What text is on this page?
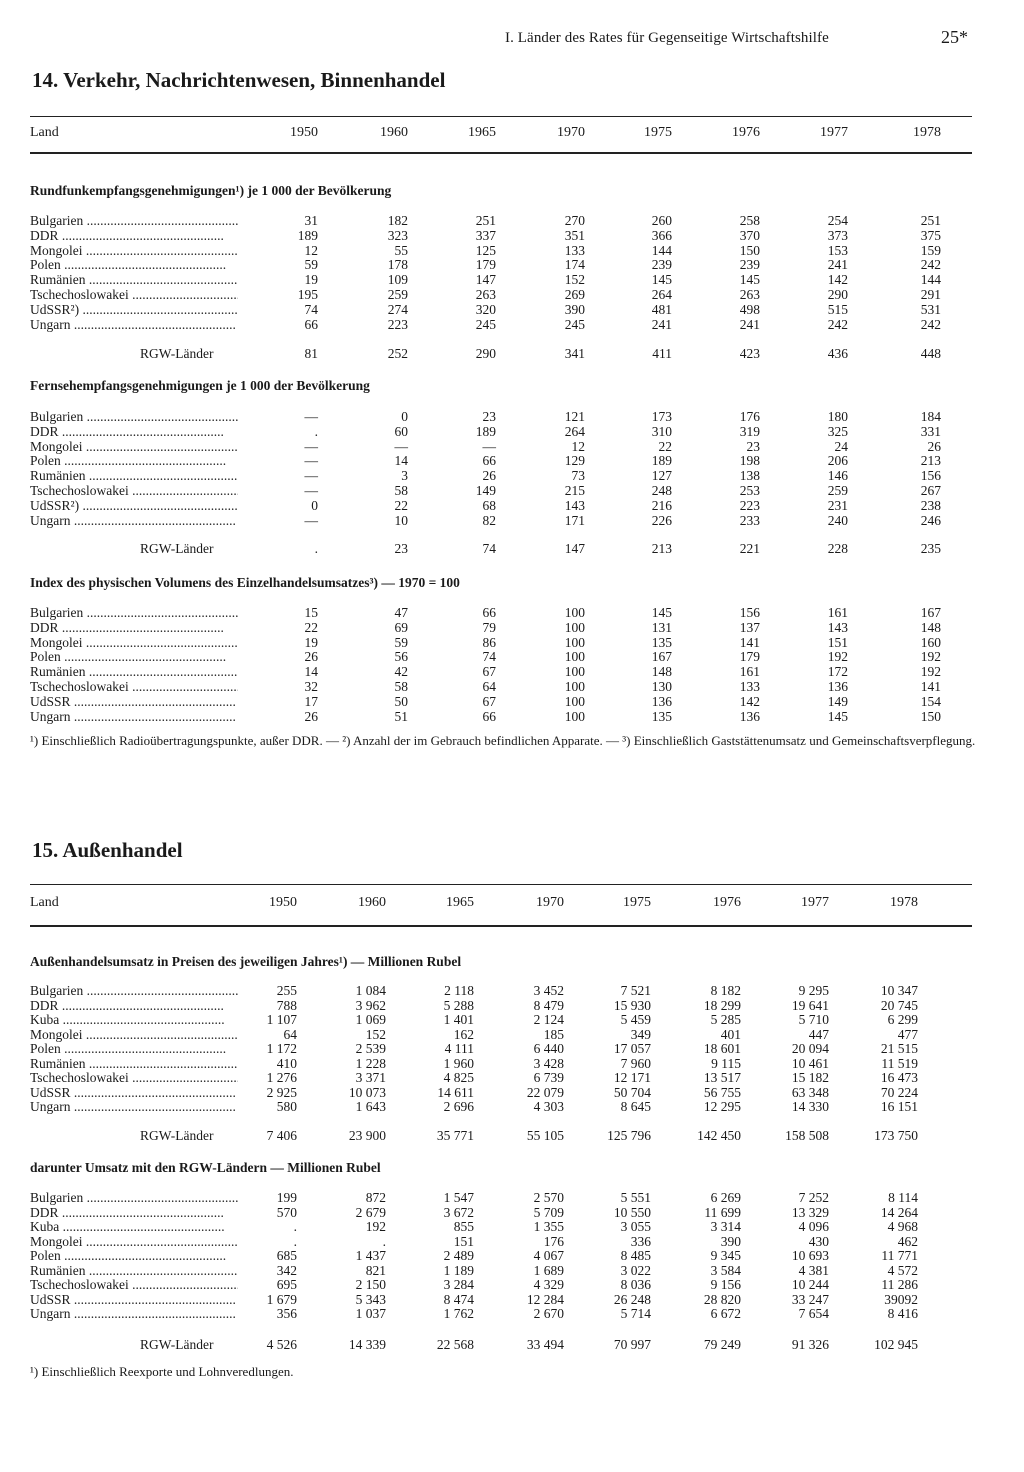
I. Länder des Rates für Gegenseitige Wirtschaftshilfe	25*
14. Verkehr, Nachrichtenwesen, Binnenhandel
Land	1950	1960	1965	1970	1975	1976	1977	1978
Rundfunkempfangsgenehmigungen¹) je 1 000 der Bevölkerung
Bulgarien .....	31	182	251	270	260	258	254	251
DDR .....	189	323	337	351	366	370	373	375
Mongolei .....	12	55	125	133	144	150	153	159
Polen .....	59	178	179	174	239	239	241	242
Rumänien .....	19	109	147	152	145	145	142	144
Tschechoslowakei .....	195	259	263	269	264	263	290	291
UdSSR²) .....	74	274	320	390	481	498	515	531
Ungarn .....	66	223	245	245	241	241	242	242
RGW-Länder	81	252	290	341	411	423	436	448
Fernsehempfangsgenehmigungen je 1 000 der Bevölkerung
Bulgarien .....	—	0	23	121	173	176	180	184
DDR .....	.	60	189	264	310	319	325	331
Mongolei .....	—	—	—	12	22	23	24	26
Polen .....	—	14	66	129	189	198	206	213
Rumänien .....	—	3	26	73	127	138	146	156
Tschechoslowakei .....	—	58	149	215	248	253	259	267
UdSSR²) .....	0	22	68	143	216	223	231	238
Ungarn .....	—	10	82	171	226	233	240	246
RGW-Länder	.	23	74	147	213	221	228	235
Index des physischen Volumens des Einzelhandelsumsatzes³) — 1970 = 100
Bulgarien .....	15	47	66	100	145	156	161	167
DDR .....	22	69	79	100	131	137	143	148
Mongolei .....	19	59	86	100	135	141	151	160
Polen .....	26	56	74	100	167	179	192	192
Rumänien .....	14	42	67	100	148	161	172	192
Tschechoslowakei .....	32	58	64	100	130	133	136	141
UdSSR .....	17	50	67	100	136	142	149	154
Ungarn .....	26	51	66	100	135	136	145	150
¹) Einschließlich Radioübertragungspunkte, außer DDR. — ²) Anzahl der im Gebrauch befindlichen Apparate. — ³) Einschließlich Gaststättenumsatz und Gemeinschaftsverpflegung.
15. Außenhandel
Land	1950	1960	1965	1970	1975	1976	1977	1978
Außenhandelsumsatz in Preisen des jeweiligen Jahres¹) — Millionen Rubel
Bulgarien .....	255	1 084	2 118	3 452	7 521	8 182	9 295	10 347
DDR .....	788	3 962	5 288	8 479	15 930	18 299	19 641	20 745
Kuba .....	1 107	1 069	1 401	2 124	5 459	5 285	5 710	6 299
Mongolei .....	64	152	162	185	349	401	447	477
Polen .....	1 172	2 539	4 111	6 440	17 057	18 601	20 094	21 515
Rumänien .....	410	1 228	1 960	3 428	7 960	9 115	10 461	11 519
Tschechoslowakei .....	1 276	3 371	4 825	6 739	12 171	13 517	15 182	16 473
UdSSR .....	2 925	10 073	14 611	22 079	50 704	56 755	63 348	70 224
Ungarn .....	580	1 643	2 696	4 303	8 645	12 295	14 330	16 151
RGW-Länder	7 406	23 900	35 771	55 105	125 796	142 450	158 508	173 750
darunter Umsatz mit den RGW-Ländern — Millionen Rubel
Bulgarien .....	199	872	1 547	2 570	5 551	6 269	7 252	8 114
DDR .....	570	2 679	3 672	5 709	10 550	11 699	13 329	14 264
Kuba .....	.	192	855	1 355	3 055	3 314	4 096	4 968
Mongolei .....	.	.	151	176	336	390	430	462
Polen .....	685	1 437	2 489	4 067	8 485	9 345	10 693	11 771
Rumänien .....	342	821	1 189	1 689	3 022	3 584	4 381	4 572
Tschechoslowakei .....	695	2 150	3 284	4 329	8 036	9 156	10 244	11 286
UdSSR .....	1 679	5 343	8 474	12 284	26 248	28 820	33 247	39092
Ungarn .....	356	1 037	1 762	2 670	5 714	6 672	7 654	8 416
RGW-Länder	4 526	14 339	22 568	33 494	70 997	79 249	91 326	102 945
¹) Einschließlich Reexporte und Lohnveredlungen.
